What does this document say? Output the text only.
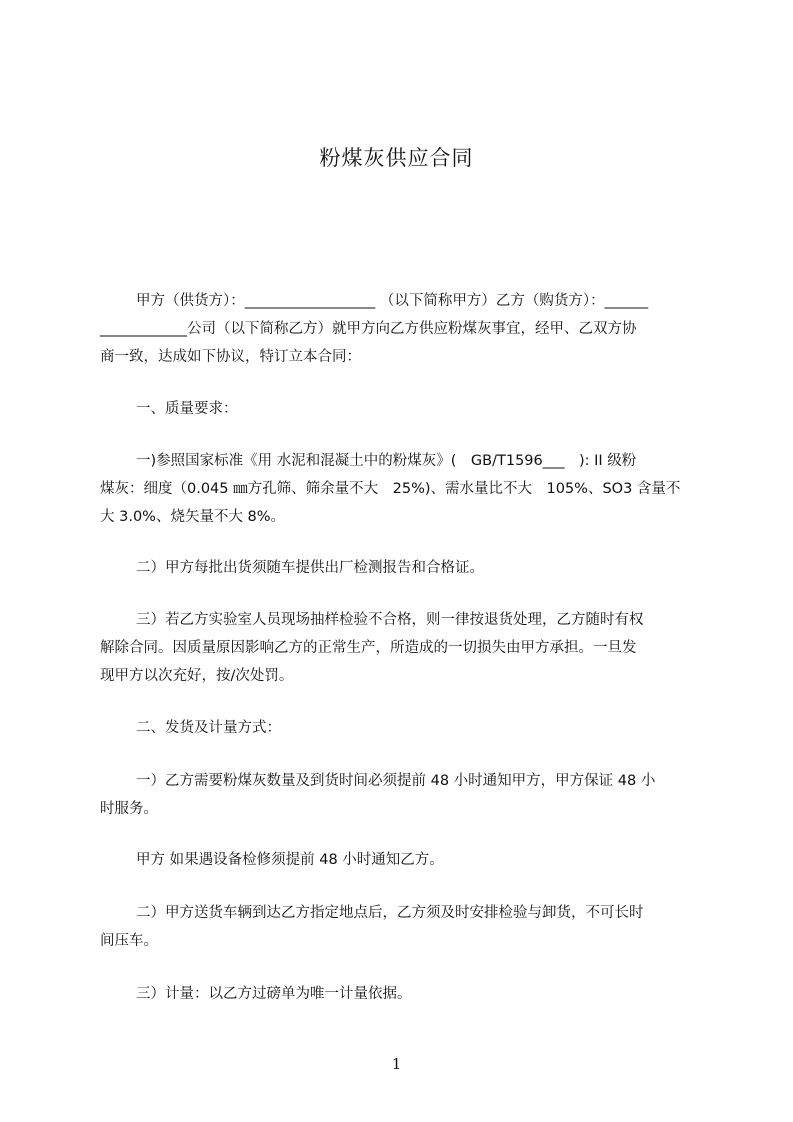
粉煤灰供应合同
甲方（供货方）：__________________ （以下简称甲方）乙方（购货方）：______
____________公司（以下简称乙方）就甲方向乙方供应粉煤灰事宜，经甲、乙双方协
商一致，达成如下协议，特订立本合同：
一、质量要求：
一)参照国家标准《用 水泥和混凝土中的粉煤灰》(　GB/T1596___　): II 级粉
煤灰：细度（0.045 ㎜方孔筛、筛余量不大　25%)、需水量比不大　105%、SO3 含量不
大 3.0%、烧矢量不大 8%。
二）甲方每批出货须随车提供出厂检测报告和合格证。
三）若乙方实验室人员现场抽样检验不合格，则一律按退货处理，乙方随时有权
解除合同。因质量原因影响乙方的正常生产，所造成的一切损失由甲方承担。一旦发
现甲方以次充好，按/次处罚。
二、发货及计量方式：
一）乙方需要粉煤灰数量及到货时间必须提前 48 小时通知甲方，甲方保证 48 小
时服务。
甲方 如果遇设备检修须提前 48 小时通知乙方。
二）甲方送货车辆到达乙方指定地点后，乙方须及时安排检验与卸货，不可长时
间压车。
三）计量：以乙方过磅单为唯一计量依据。
1
